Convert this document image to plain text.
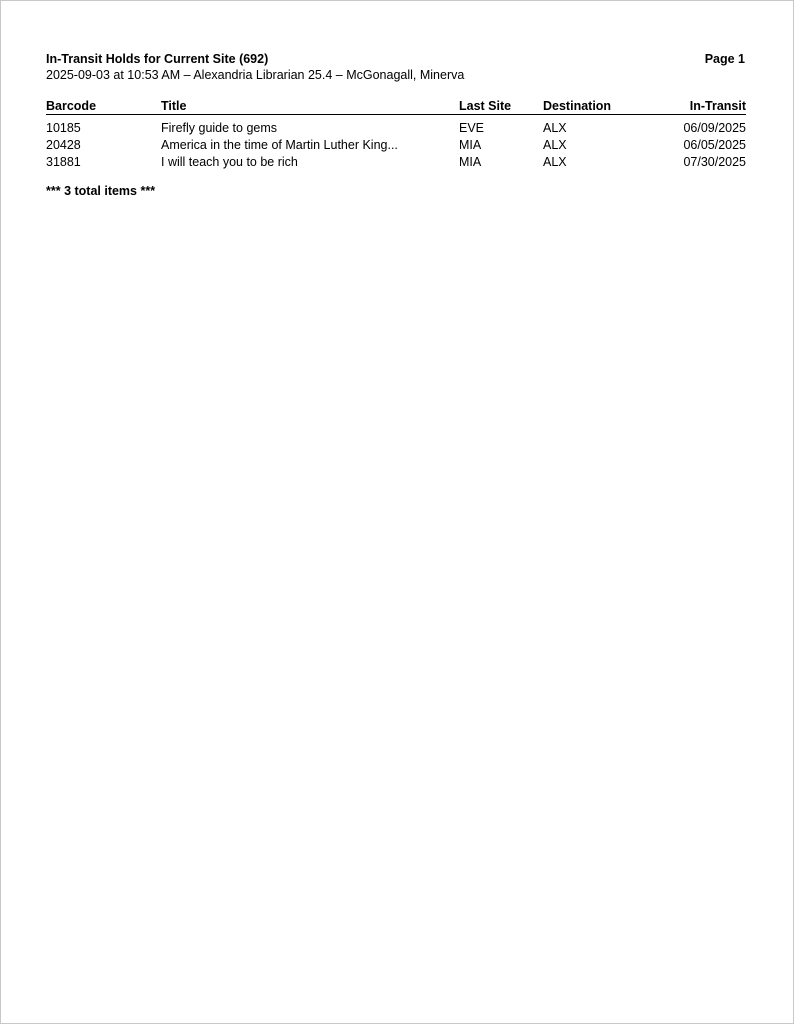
In-Transit Holds for Current Site (692)	Page 1
2025-09-03 at 10:53 AM – Alexandria Librarian 25.4 – McGonagall, Minerva
Barcode	Title	Last Site	Destination	In-Transit
10185	Firefly guide to gems	EVE	ALX	06/09/2025
20428	America in the time of Martin Luther King...	MIA	ALX	06/05/2025
31881	I will teach you to be rich	MIA	ALX	07/30/2025
*** 3 total items ***
